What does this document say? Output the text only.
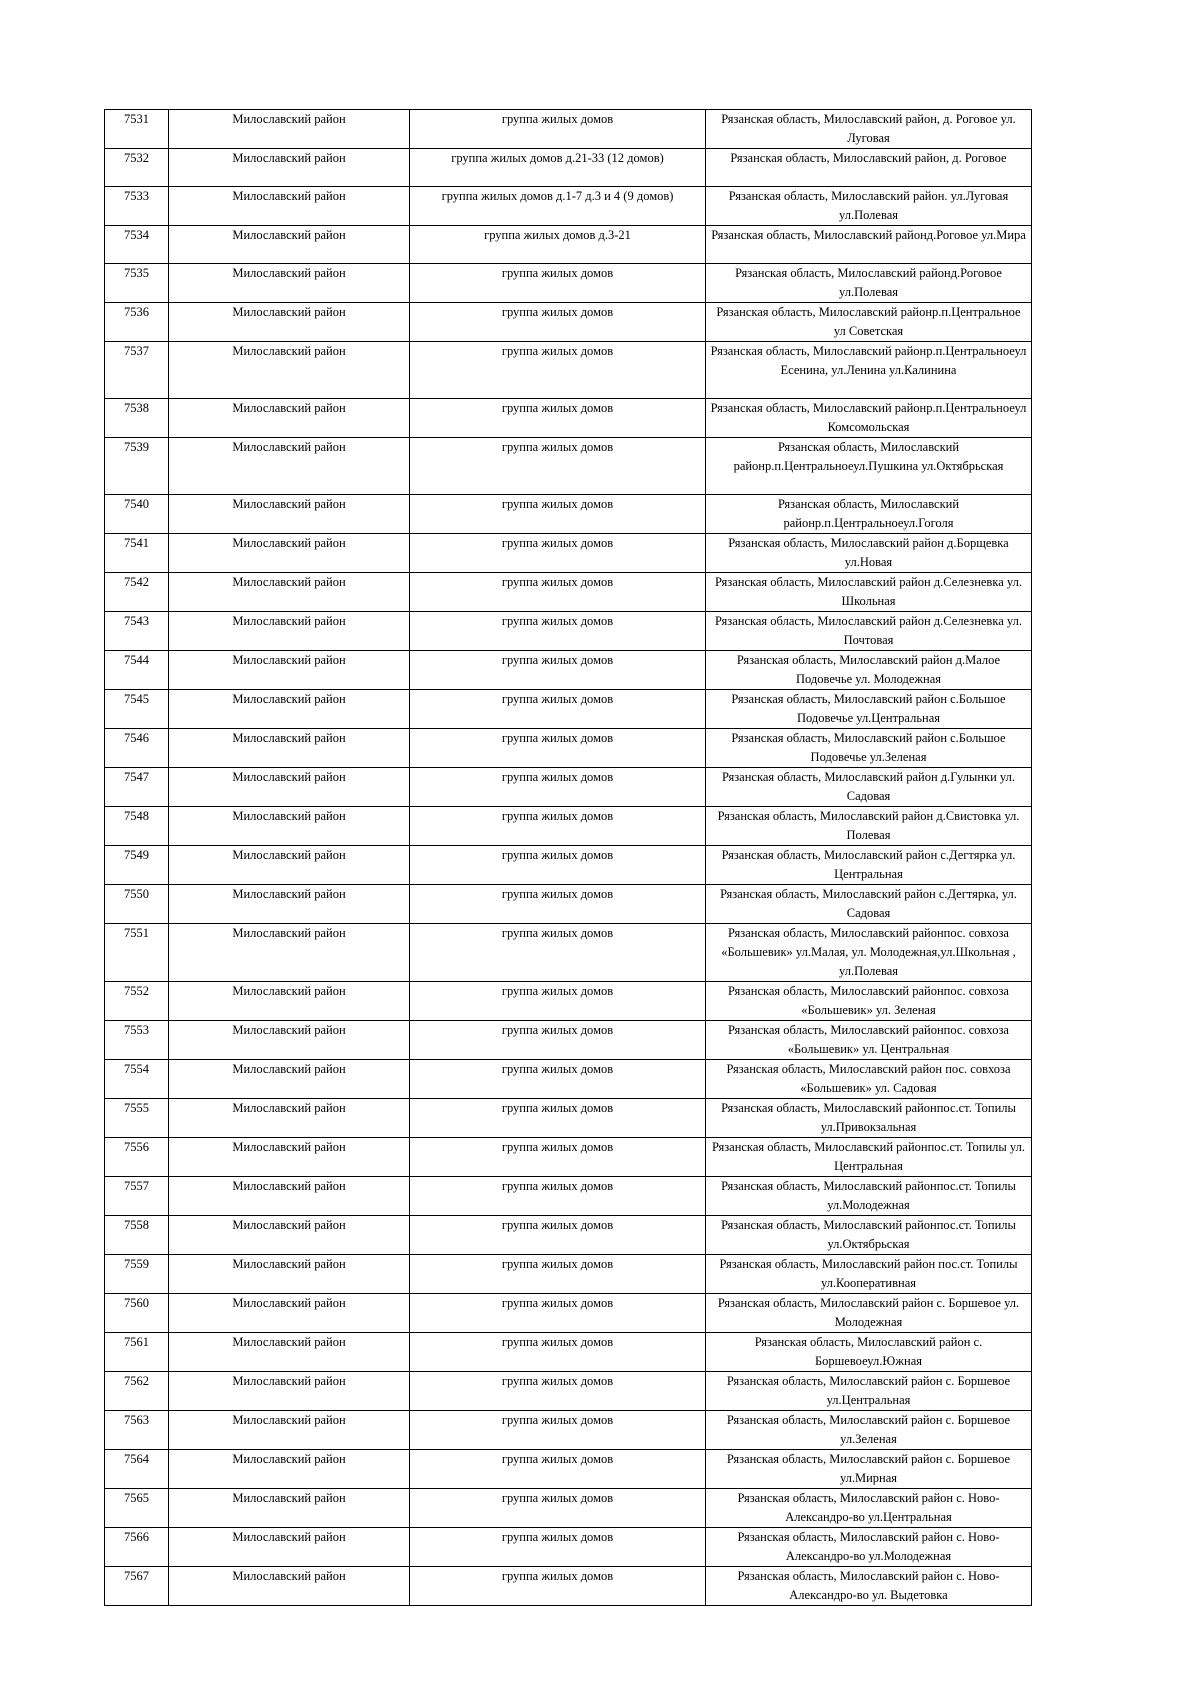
7531	Милославский район	группа жилых домов	Рязанская область, Милославский район, д. Роговое ул. Луговая
7532	Милославский район	группа жилых домов д.21-33 (12 домов)	Рязанская область, Милославский район, д. Роговое
7533	Милославский район	группа жилых домов д.1-7 д.3 и 4 (9 домов)	Рязанская область, Милославский район. ул.Луговая ул.Полевая
7534	Милославский район	группа жилых домов д.3-21	Рязанская область, Милославский районд.Роговое ул.Мира
7535	Милославский район	группа жилых домов	Рязанская область, Милославский районд.Роговое ул.Полевая
7536	Милославский район	группа жилых домов	Рязанская область, Милославский районр.п.Центральное ул Советская
7537	Милославский район	группа жилых домов	Рязанская область, Милославский районр.п.Центральноеул Есенина, ул.Ленина ул.Калинина
7538	Милославский район	группа жилых домов	Рязанская область, Милославский районр.п.Центральноеул Комсомольская
7539	Милославский район	группа жилых домов	Рязанская область, Милославский районр.п.Центральноеул.Пушкина ул.Октябрьская
7540	Милославский район	группа жилых домов	Рязанская область, Милославский районр.п.Центральноеул.Гоголя
7541	Милославский район	группа жилых домов	Рязанская область, Милославский район д.Борщевка ул.Новая
7542	Милославский район	группа жилых домов	Рязанская область, Милославский район д.Селезневка ул. Школьная
7543	Милославский район	группа жилых домов	Рязанская область, Милославский район д.Селезневка ул. Почтовая
7544	Милославский район	группа жилых домов	Рязанская область, Милославский район д.Малое Подовечье ул. Молодежная
7545	Милославский район	группа жилых домов	Рязанская область, Милославский район с.Большое Подовечье ул.Центральная
7546	Милославский район	группа жилых домов	Рязанская область, Милославский район с.Большое Подовечье ул.Зеленая
7547	Милославский район	группа жилых домов	Рязанская область, Милославский район д.Гулынки ул. Садовая
7548	Милославский район	группа жилых домов	Рязанская область, Милославский район д.Свистовка ул. Полевая
7549	Милославский район	группа жилых домов	Рязанская область, Милославский район с.Дегтярка ул. Центральная
7550	Милославский район	группа жилых домов	Рязанская область, Милославский район с.Дегтярка, ул. Садовая
7551	Милославский район	группа жилых домов	Рязанская область, Милославский районпос. совхоза «Большевик» ул.Малая, ул. Молодежная,ул.Школьная , ул.Полевая
7552	Милославский район	группа жилых домов	Рязанская область, Милославский районпос. совхоза «Большевик» ул. Зеленая
7553	Милославский район	группа жилых домов	Рязанская область, Милославский районпос. совхоза «Большевик» ул. Центральная
7554	Милославский район	группа жилых домов	Рязанская область, Милославский район пос. совхоза «Большевик» ул. Садовая
7555	Милославский район	группа жилых домов	Рязанская область, Милославский районпос.ст. Топилы ул.Привокзальная
7556	Милославский район	группа жилых домов	Рязанская область, Милославский районпос.ст. Топилы ул. Центральная
7557	Милославский район	группа жилых домов	Рязанская область, Милославский районпос.ст. Топилы ул.Молодежная
7558	Милославский район	группа жилых домов	Рязанская область, Милославский районпос.ст. Топилы ул.Октябрьская
7559	Милославский район	группа жилых домов	Рязанская область, Милославский район пос.ст. Топилы ул.Кооперативная
7560	Милославский район	группа жилых домов	Рязанская область, Милославский район с. Боршевое ул. Молодежная
7561	Милославский район	группа жилых домов	Рязанская область, Милославский район с. Боршевоеул.Южная
7562	Милославский район	группа жилых домов	Рязанская область, Милославский район с. Боршевое ул.Центральная
7563	Милославский район	группа жилых домов	Рязанская область, Милославский район с. Боршевое ул.Зеленая
7564	Милославский район	группа жилых домов	Рязанская область, Милославский район с. Боршевое ул.Мирная
7565	Милославский район	группа жилых домов	Рязанская область, Милославский район с. Ново-Александро-во ул.Центральная
7566	Милославский район	группа жилых домов	Рязанская область, Милославский район с. Ново-Александро-во ул.Молодежная
7567	Милославский район	группа жилых домов	Рязанская область, Милославский район с. Ново-Александро-во ул. Выдетовка
